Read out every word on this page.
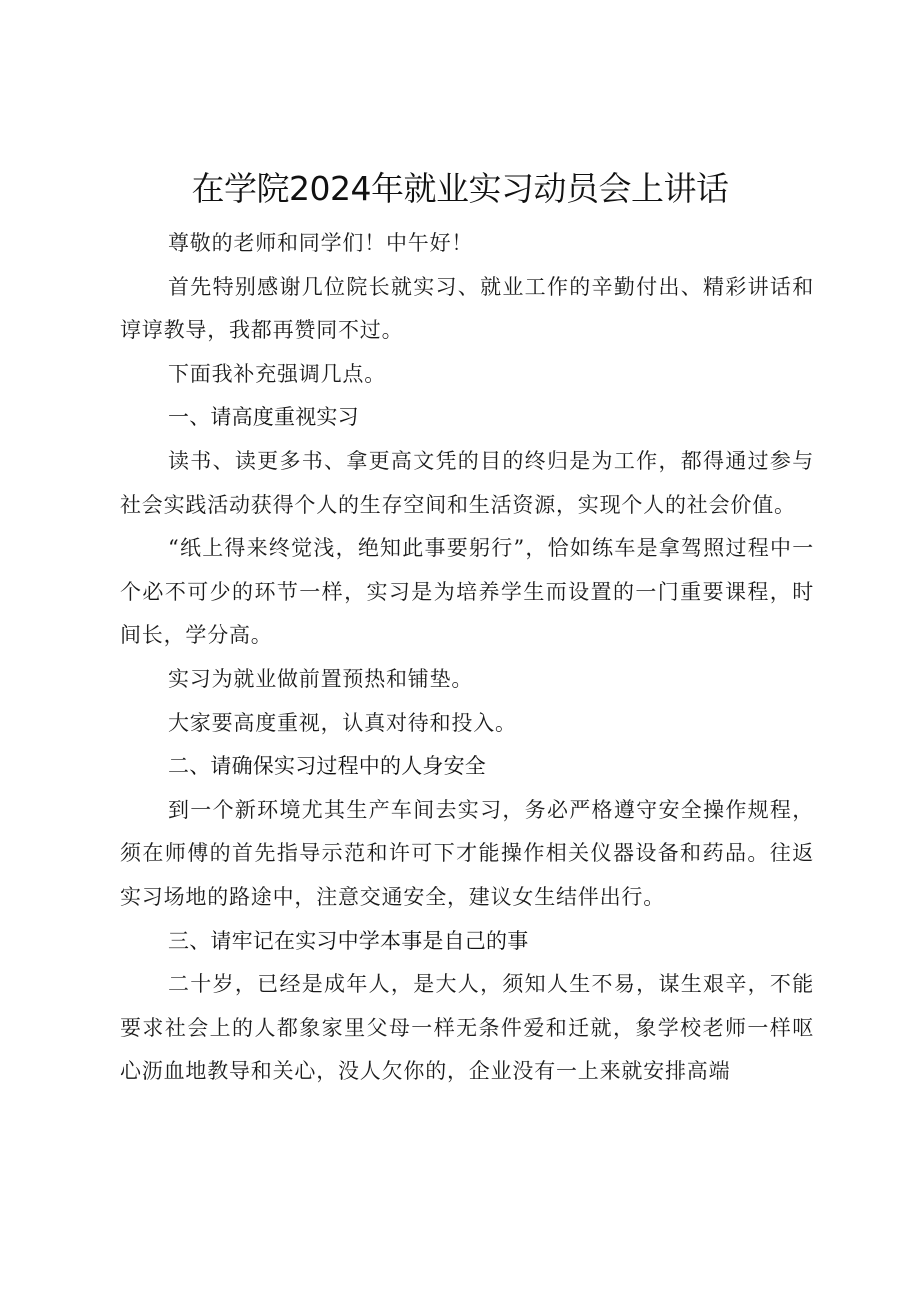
在学院2024年就业实习动员会上讲话

尊敬的老师和同学们！中午好！

首先特别感谢几位院长就实习、就业工作的辛勤付出、精彩讲话和谆谆教导，我都再赞同不过。

下面我补充强调几点。

一、请高度重视实习

读书、读更多书、拿更高文凭的目的终归是为工作，都得通过参与社会实践活动获得个人的生存空间和生活资源，实现个人的社会价值。

“纸上得来终觉浅，绝知此事要躬行”，恰如练车是拿驾照过程中一个必不可少的环节一样，实习是为培养学生而设置的一门重要课程，时间长，学分高。

实习为就业做前置预热和铺垫。

大家要高度重视，认真对待和投入。

二、请确保实习过程中的人身安全

到一个新环境尤其生产车间去实习，务必严格遵守安全操作规程，须在师傅的首先指导示范和许可下才能操作相关仪器设备和药品。往返实习场地的路途中，注意交通安全，建议女生结伴出行。

三、请牢记在实习中学本事是自己的事

二十岁，已经是成年人，是大人，须知人生不易，谋生艰辛，不能要求社会上的人都象家里父母一样无条件爱和迁就，象学校老师一样呕心沥血地教导和关心，没人欠你的，企业没有一上来就安排高端
